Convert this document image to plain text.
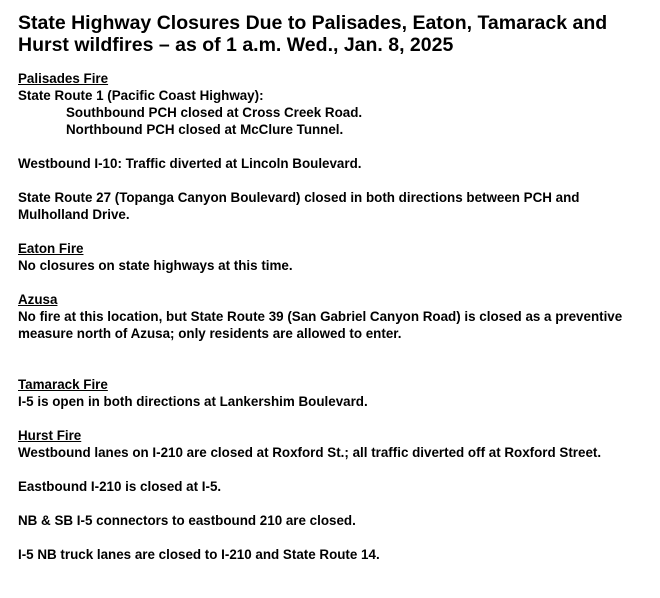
State Highway Closures Due to Palisades, Eaton, Tamarack and Hurst wildfires – as of 1 a.m. Wed., Jan. 8, 2025

Palisades Fire

State Route 1 (Pacific Coast Highway):

Southbound PCH closed at Cross Creek Road.

Northbound PCH closed at McClure Tunnel.

Westbound I-10: Traffic diverted at Lincoln Boulevard.

State Route 27 (Topanga Canyon Boulevard) closed in both directions between PCH and Mulholland Drive.

Eaton Fire

No closures on state highways at this time.

Azusa

No fire at this location, but State Route 39 (San Gabriel Canyon Road) is closed as a preventive measure north of Azusa; only residents are allowed to enter.

Tamarack Fire

I-5 is open in both directions at Lankershim Boulevard.

Hurst Fire

Westbound lanes on I-210 are closed at Roxford St.; all traffic diverted off at Roxford Street.

Eastbound I-210 is closed at I-5.

NB & SB I-5 connectors to eastbound 210 are closed.

I-5 NB truck lanes are closed to I-210 and State Route 14.
